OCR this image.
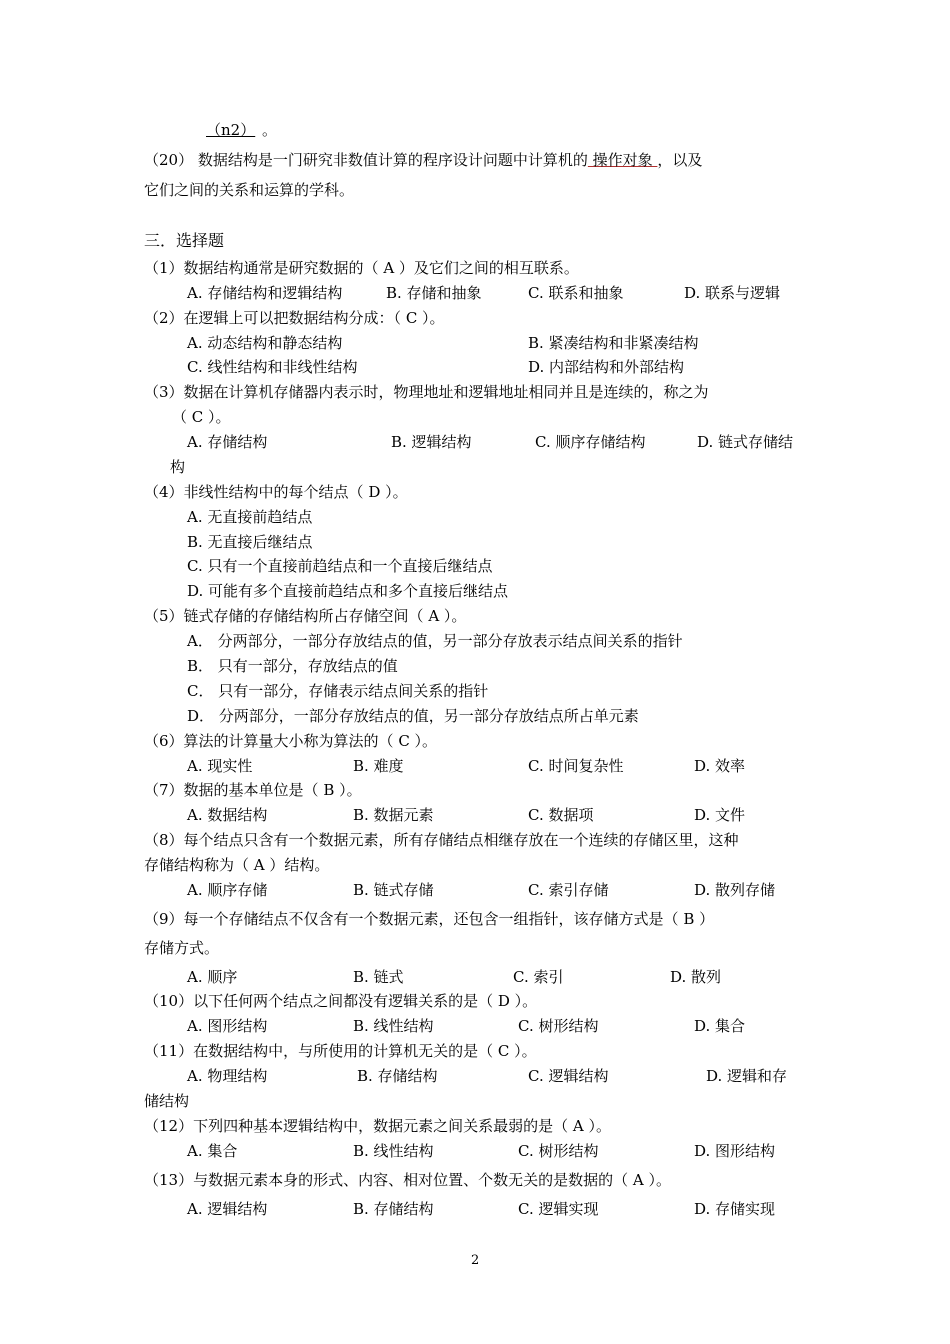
（n2） 。
（20） 数据结构是一门研究非数值计算的程序设计问题中计算机的 操作对象 ，以及
它们之间的关系和运算的学科。
三．选择题
（1）数据结构通常是研究数据的（ A ）及它们之间的相互联系。
A. 存储结构和逻辑结构	B. 存储和抽象	C. 联系和抽象	D. 联系与逻辑
（2）在逻辑上可以把数据结构分成：（ C ）。
A. 动态结构和静态结构	B. 紧凑结构和非紧凑结构
C. 线性结构和非线性结构	D. 内部结构和外部结构
（3）数据在计算机存储器内表示时，物理地址和逻辑地址相同并且是连续的，称之为
（ C ）。
A. 存储结构	B. 逻辑结构	C. 顺序存储结构	D. 链式存储结
构
（4）非线性结构中的每个结点（ D ）。
A. 无直接前趋结点
B. 无直接后继结点
C. 只有一个直接前趋结点和一个直接后继结点
D. 可能有多个直接前趋结点和多个直接后继结点
（5）链式存储的存储结构所占存储空间（ A ）。
A． 分两部分，一部分存放结点的值，另一部分存放表示结点间关系的指针
B． 只有一部分，存放结点的值
C． 只有一部分，存储表示结点间关系的指针
D． 分两部分，一部分存放结点的值，另一部分存放结点所占单元素
（6）算法的计算量大小称为算法的（ C ）。
A. 现实性	B. 难度	C. 时间复杂性	D. 效率
（7）数据的基本单位是（ B ）。
A. 数据结构	B. 数据元素	C. 数据项	D. 文件
（8）每个结点只含有一个数据元素，所有存储结点相继存放在一个连续的存储区里，这种
存储结构称为（ A ）结构。
A. 顺序存储	B. 链式存储	C. 索引存储	D. 散列存储
（9）每一个存储结点不仅含有一个数据元素，还包含一组指针，该存储方式是（ B ）
存储方式。
A. 顺序	B. 链式	C. 索引	D. 散列
（10）以下任何两个结点之间都没有逻辑关系的是（ D ）。
A. 图形结构	B. 线性结构	C. 树形结构	D. 集合
（11）在数据结构中，与所使用的计算机无关的是（ C ）。
A. 物理结构	B. 存储结构	C. 逻辑结构	D. 逻辑和存
储结构
（12）下列四种基本逻辑结构中，数据元素之间关系最弱的是（ A ）。
A. 集合	B. 线性结构	C. 树形结构	D. 图形结构
（13）与数据元素本身的形式、内容、相对位置、个数无关的是数据的（ A ）。
A. 逻辑结构	B. 存储结构	C. 逻辑实现	D. 存储实现
2
